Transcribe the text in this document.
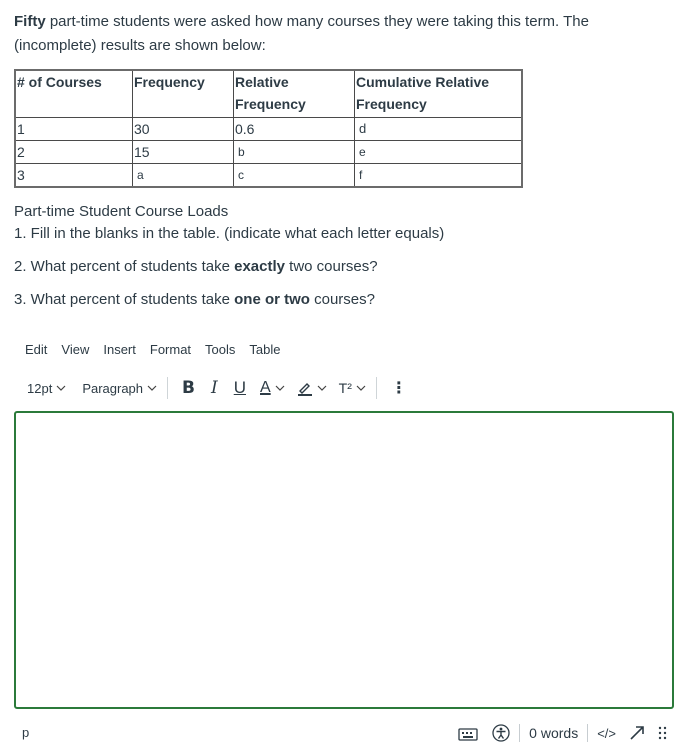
Fifty part-time students were asked how many courses they were taking this term. The (incomplete) results are shown below:
# of Courses	Frequency	Relative Frequency	Cumulative Relative Frequency
1	30	0.6	d
2	15	b	e
3	a	c	f
Part-time Student Course Loads
1. Fill in the blanks in the table. (indicate what each letter equals)
2. What percent of students take exactly two courses?
3. What percent of students take one or two courses?
Edit View Insert Format Tools Table
12pt Paragraph B I U A	T² ⋮
p	0 words </>
